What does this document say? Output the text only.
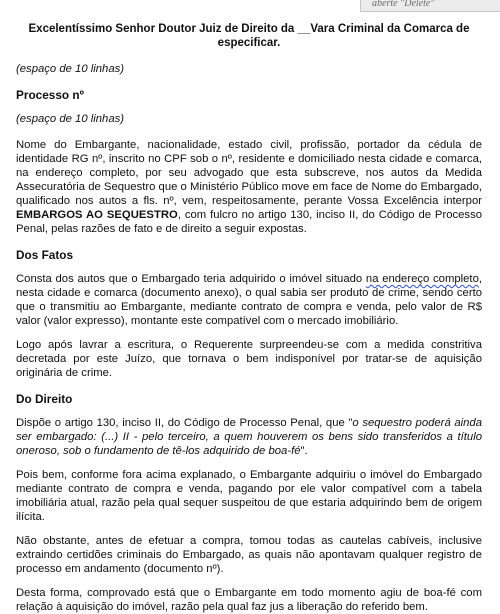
aberte "Delete"

Excelentíssimo Senhor Doutor Juiz de Direito da __Vara Criminal da Comarca de especificar.

(espaço de 10 linhas)

Processo nº

(espaço de 10 linhas)

Nome do Embargante, nacionalidade, estado civil, profissão, portador da cédula de identidade RG nº, inscrito no CPF sob o nº, residente e domiciliado nesta cidade e comarca, na endereço completo, por seu advogado que esta subscreve, nos autos da Medida Assecuratória de Sequestro que o Ministério Público move em face de Nome do Embargado, qualificado nos autos a fls. nº, vem, respeitosamente, perante Vossa Excelência interpor EMBARGOS AO SEQUESTRO, com fulcro no artigo 130, inciso II, do Código de Processo Penal, pelas razões de fato e de direito a seguir expostas.

Dos Fatos

Consta dos autos que o Embargado teria adquirido o imóvel situado na endereço completo, nesta cidade e comarca (documento anexo), o qual sabia ser produto de crime, sendo certo que o transmitiu ao Embargante, mediante contrato de compra e venda, pelo valor de R$ valor (valor expresso), montante este compatível com o mercado imobiliário.

Logo após lavrar a escritura, o Requerente surpreendeu-se com a medida constritiva decretada por este Juízo, que tornava o bem indisponível por tratar-se de aquisição originária de crime.

Do Direito

Dispõe o artigo 130, inciso II, do Código de Processo Penal, que "o sequestro poderá ainda ser embargado: (...) II - pelo terceiro, a quem houverem os bens sido transferidos a título oneroso, sob o fundamento de tê-los adquirido de boa-fé".

Pois bem, conforme fora acima explanado, o Embargante adquiriu o imóvel do Embargado mediante contrato de compra e venda, pagando por ele valor compatível com a tabela imobiliária atual, razão pela qual sequer suspeitou de que estaria adquirindo bem de origem ilícita.

Não obstante, antes de efetuar a compra, tomou todas as cautelas cabíveis, inclusive extraindo certidões criminais do Embargado, as quais não apontavam qualquer registro de processo em andamento (documento nº).

Desta forma, comprovado está que o Embargante em todo momento agiu de boa-fé com relação à aquisição do imóvel, razão pela qual faz jus a liberação do referido bem.
